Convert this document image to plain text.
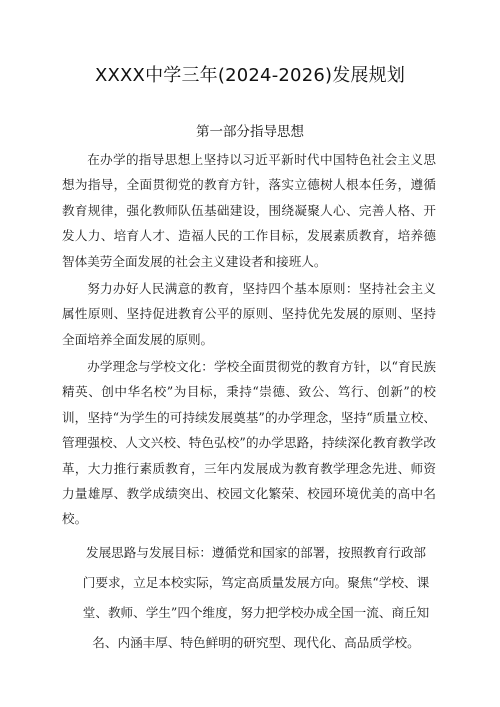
XXXX中学三年(2024-2026)发展规划
第一部分指导思想

在办学的指导思想上坚持以习近平新时代中国特色社会主义思想为指导，全面贯彻党的教育方针，落实立德树人根本任务，遵循教育规律，强化教师队伍基础建设，围绕凝聚人心、完善人格、开发人力、培育人才、造福人民的工作目标，发展素质教育，培养德智体美劳全面发展的社会主义建设者和接班人。

努力办好人民满意的教育，坚持四个基本原则：坚持社会主义属性原则、坚持促进教育公平的原则、坚持优先发展的原则、坚持全面培养全面发展的原则。

办学理念与学校文化：学校全面贯彻党的教育方针，以“育民族精英、创中华名校”为目标，秉持“崇德、致公、笃行、创新”的校训，坚持“为学生的可持续发展奠基”的办学理念，坚持“质量立校、管理强校、人文兴校、特色弘校”的办学思路，持续深化教育教学改革，大力推行素质教育，三年内发展成为教育教学理念先进、师资力量雄厚、教学成绩突出、校园文化繁荣、校园环境优美的高中名校。

发展思路与发展目标：遵循党和国家的部署，按照教育行政部门要求，立足本校实际，笃定高质量发展方向。聚焦“学校、课堂、教师、学生”四个维度，努力把学校办成全国一流、商丘知名、内涵丰厚、特色鲜明的研究型、现代化、高品质学校。
